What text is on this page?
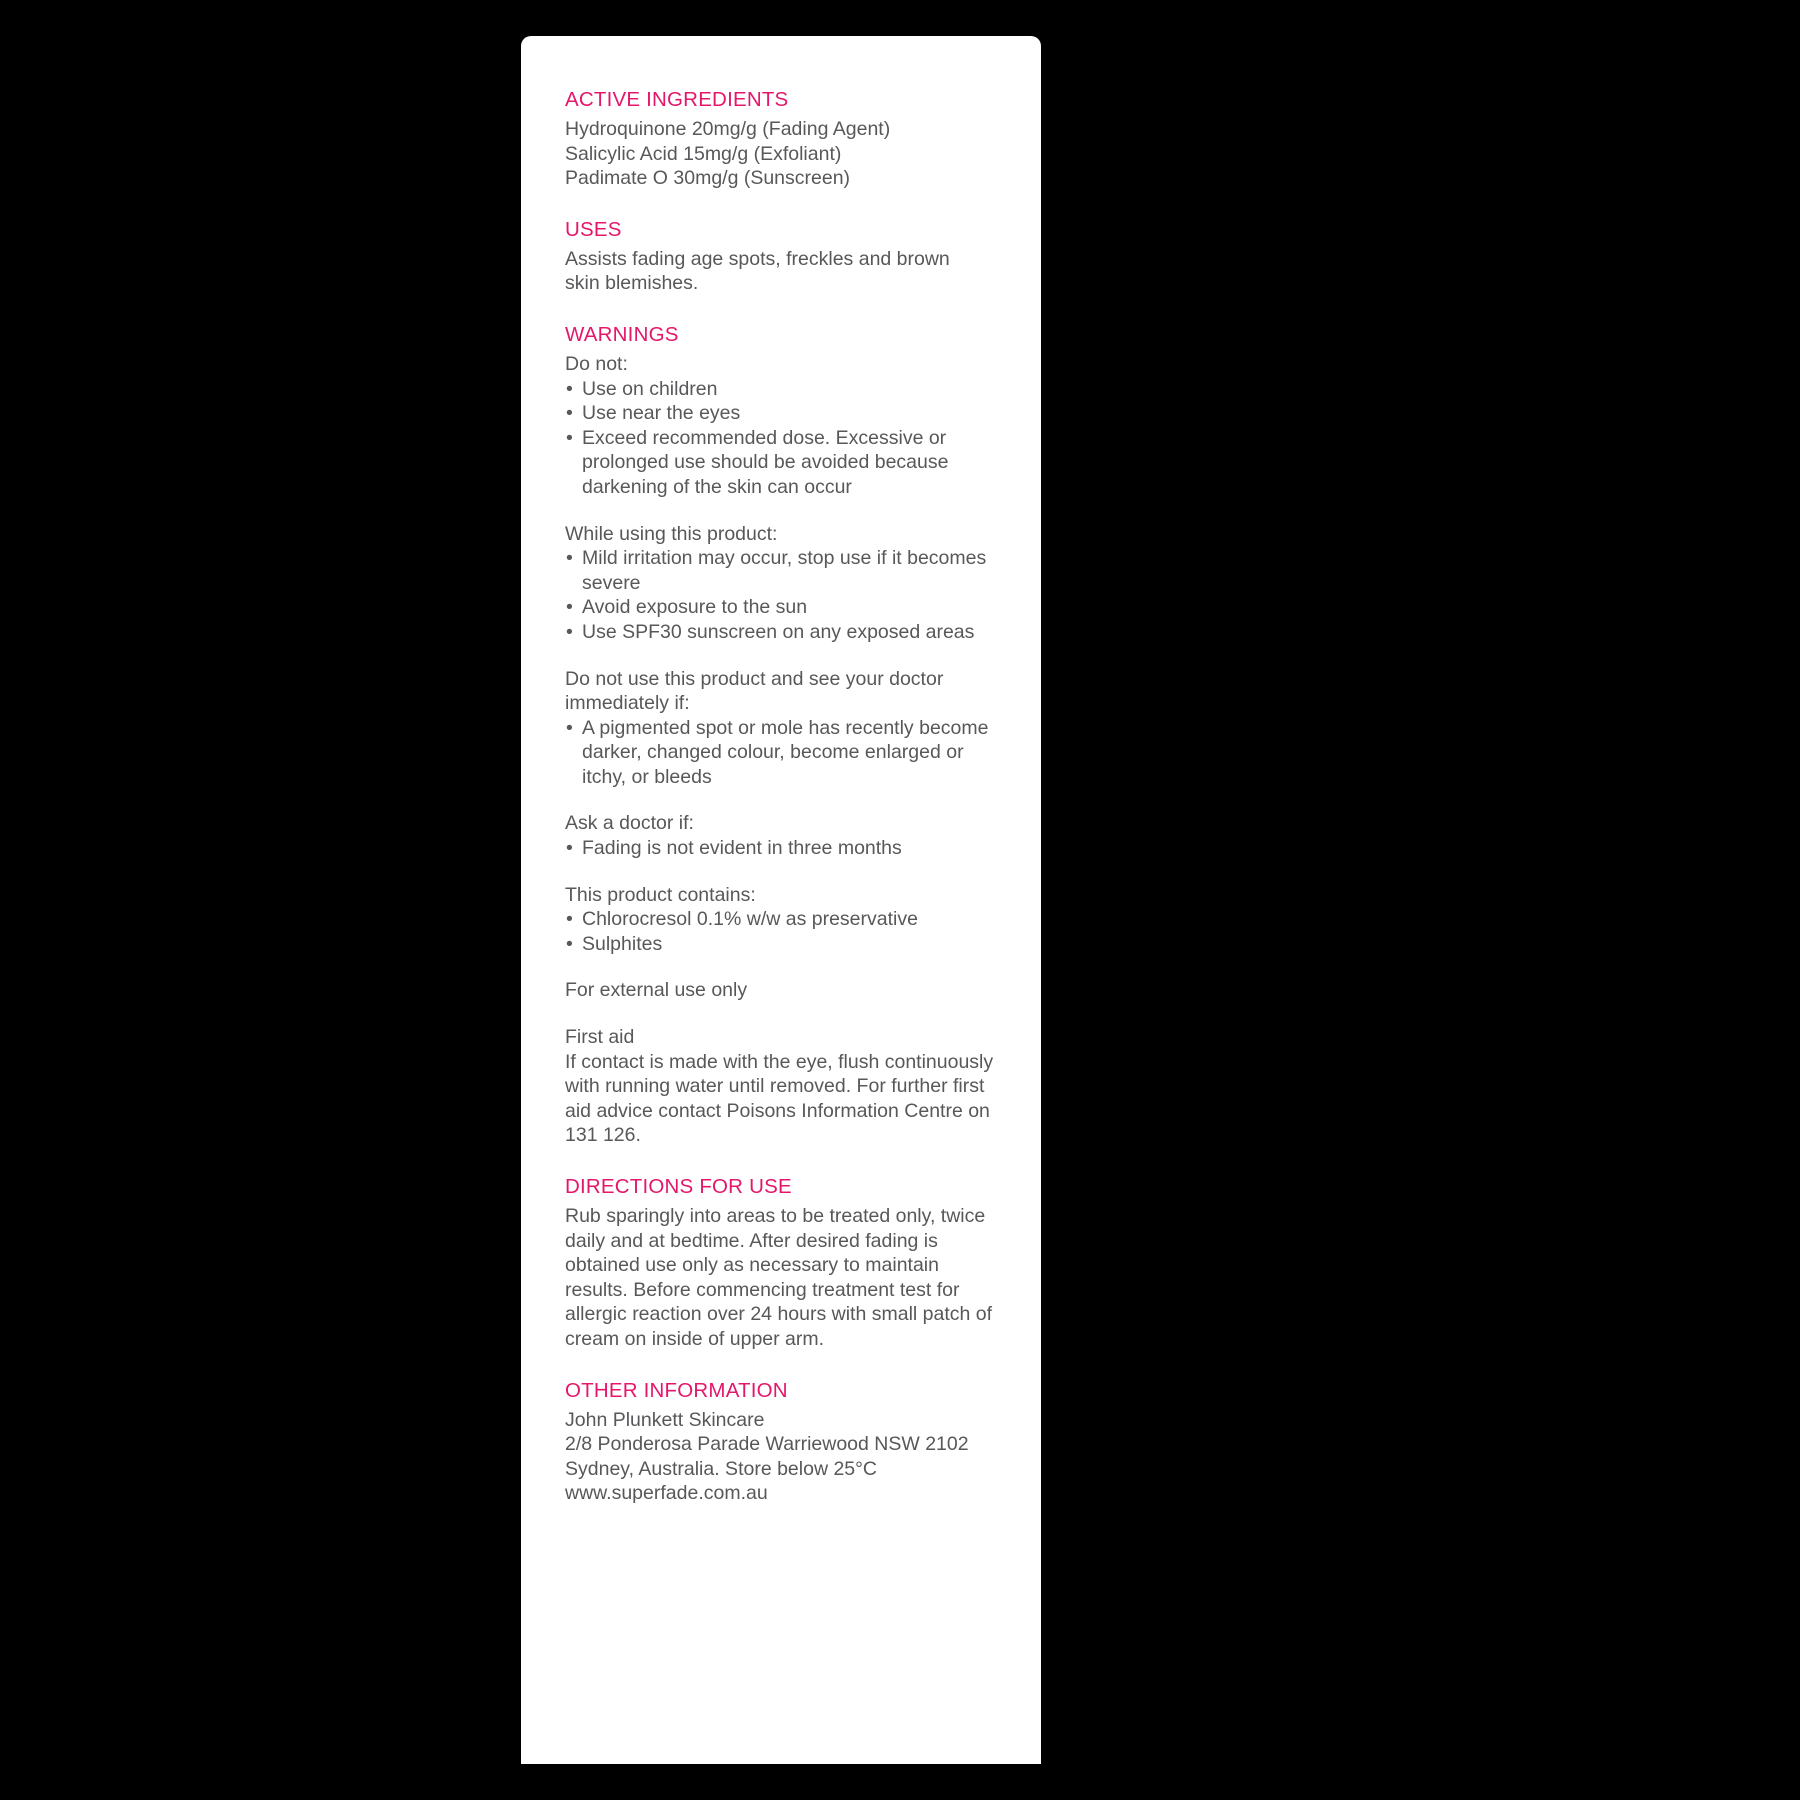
ACTIVE INGREDIENTS
Hydroquinone 20mg/g (Fading Agent)
Salicylic Acid 15mg/g (Exfoliant)
Padimate O 30mg/g (Sunscreen)
USES
Assists fading age spots, freckles and brown
skin blemishes.
WARNINGS
Do not:
• Use on children
• Use near the eyes
• Exceed recommended dose. Excessive or prolonged use should be avoided because darkening of the skin can occur
While using this product:
• Mild irritation may occur, stop use if it becomes severe
• Avoid exposure to the sun
• Use SPF30 sunscreen on any exposed areas
Do not use this product and see your doctor immediately if:
• A pigmented spot or mole has recently become darker, changed colour, become enlarged or itchy, or bleeds
Ask a doctor if:
• Fading is not evident in three months
This product contains:
• Chlorocresol 0.1% w/w as preservative
• Sulphites
For external use only
First aid
If contact is made with the eye, flush continuously with running water until removed. For further first aid advice contact Poisons Information Centre on 131 126.
DIRECTIONS FOR USE
Rub sparingly into areas to be treated only, twice daily and at bedtime. After desired fading is obtained use only as necessary to maintain results. Before commencing treatment test for allergic reaction over 24 hours with small patch of cream on inside of upper arm.
OTHER INFORMATION
John Plunkett Skincare
2/8 Ponderosa Parade Warriewood NSW 2102
Sydney, Australia. Store below 25°C
www.superfade.com.au
